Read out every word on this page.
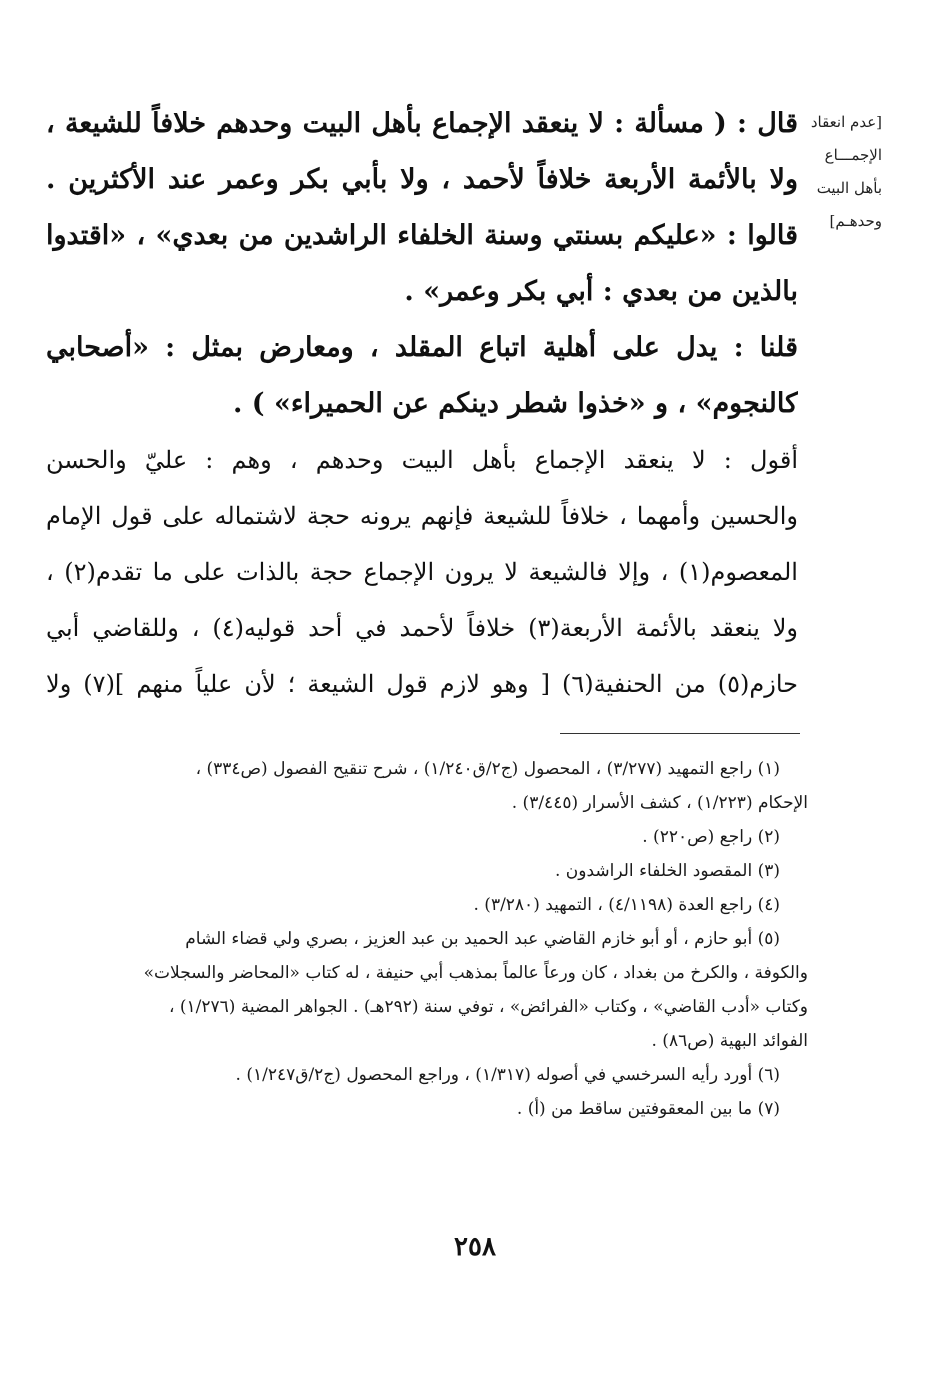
[عدم انعقاد
الإجمـــاع
بأهل البيت
وحدهـم]
قال : ( مسألة : لا ينعقد الإجماع بأهل البيت وحدهم خلافاً للشيعة ،
ولا بالأئمة الأربعة خلافاً لأحمد ، ولا بأبي بكر وعمر عند الأكثرين .
قالوا : «عليكم بسنتي وسنة الخلفاء الراشدين من بعدي» ، «اقتدوا
بالذين من بعدي : أبي بكر وعمر» .
قلنا : يدل على أهلية اتباع المقلد ، ومعارض بمثل : «أصحابي
كالنجوم» ، و «خذوا شطر دينكم عن الحميراء» ) .
أقول : لا ينعقد الإجماع بأهل البيت وحدهم ، وهم : عليّ والحسن
والحسين وأمهما ، خلافاً للشيعة فإنهم يرونه حجة لاشتماله على قول الإمام
المعصوم(١) ، وإلا فالشيعة لا يرون الإجماع حجة بالذات على ما تقدم(٢) ،
ولا ينعقد بالأئمة الأربعة(٣) خلافاً لأحمد في أحد قوليه(٤) ، وللقاضي أبي
حازم(٥) من الحنفية(٦) [ وهو لازم قول الشيعة ؛ لأن علياً منهم ](٧) ولا
(١) راجع التمهيد (٣/٢٧٧) ، المحصول (ج٢/ق١/٢٤٠) ، شرح تنقيح الفصول (ص٣٣٤) ،
الإحكام (١/٢٢٣) ، كشف الأسرار (٣/٤٤٥) .
(٢) راجع (ص٢٢٠) .
(٣) المقصود الخلفاء الراشدون .
(٤) راجع العدة (٤/١١٩٨) ، التمهيد (٣/٢٨٠) .
(٥) أبو حازم ، أو أبو خازم القاضي عبد الحميد بن عبد العزيز ، بصري ولي قضاء الشام
والكوفة ، والكرخ من بغداد ، كان ورعاً عالماً بمذهب أبي حنيفة ، له كتاب «المحاضر والسجلات»
وكتاب «أدب القاضي» ، وكتاب «الفرائض» ، توفي سنة (٢٩٢هـ) . الجواهر المضية (١/٢٧٦) ،
الفوائد البهية (ص٨٦) .
(٦) أورد رأيه السرخسي في أصوله (١/٣١٧) ، وراجع المحصول (ج٢/ق١/٢٤٧) .
(٧) ما بين المعقوفتين ساقط من (أ) .
٢٥٨
